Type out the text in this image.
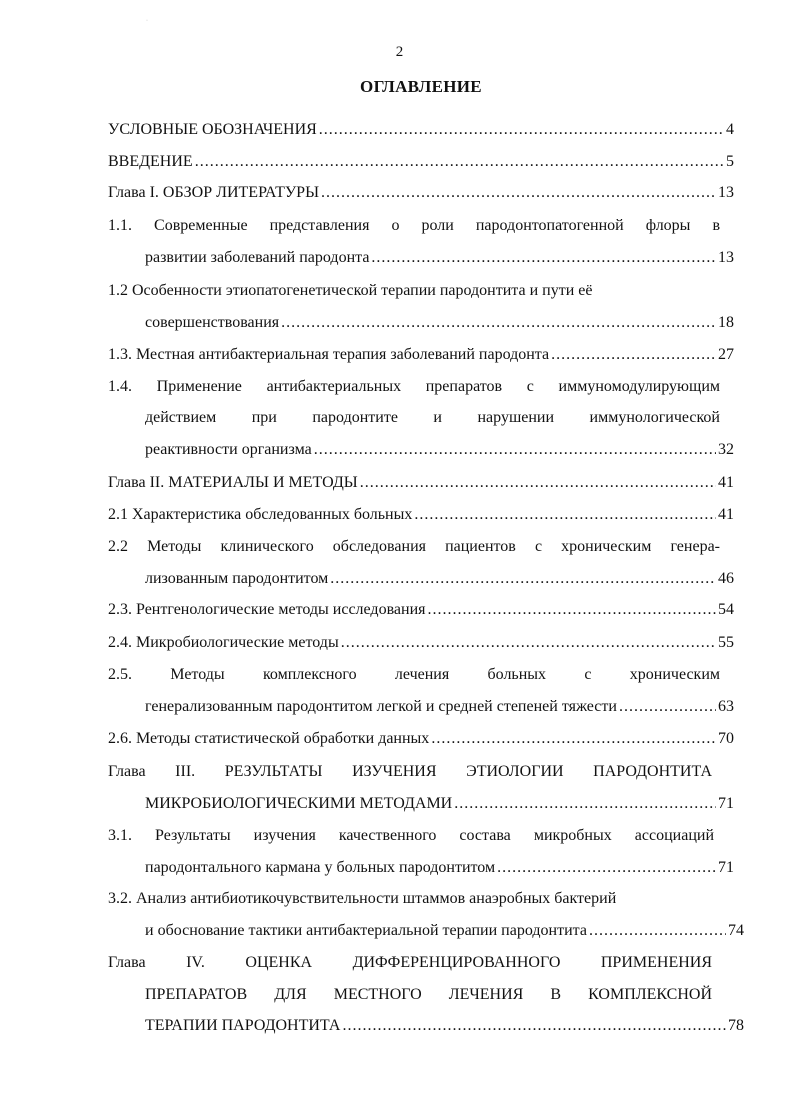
·
2
ОГЛАВЛЕНИЕ
УСЛОВНЫЕ ОБОЗНАЧЕНИЯ .....	4
ВВЕДЕНИЕ .....	5
Глава I. ОБЗОР ЛИТЕРАТУРЫ .....	13
1.1. Современные представления о роли пародонтопатогенной флоры в
развитии заболеваний пародонта .....	13
1.2 Особенности этиопатогенетической терапии пародонтита и пути её
совершенствования .....	18
1.3. Местная антибактериальная терапия заболеваний пародонта .....	27
1.4. Применение антибактериальных препаратов с иммуномодулирующим
действием при пародонтите и нарушении иммунологической
реактивности организма .....	32
Глава II. МАТЕРИАЛЫ И МЕТОДЫ .....	41
2.1 Характеристика обследованных больных .....	41
2.2 Методы клинического обследования пациентов с хроническим генера-
лизованным пародонтитом .....	46
2.3. Рентгенологические методы исследования .....	54
2.4. Микробиологические методы .....	55
2.5. Методы комплексного лечения больных с хроническим
генерализованным пародонтитом легкой и средней степеней тяжести .....	63
2.6. Методы статистической обработки данных .....	70
Глава III. РЕЗУЛЬТАТЫ ИЗУЧЕНИЯ ЭТИОЛОГИИ ПАРОДОНТИТА
МИКРОБИОЛОГИЧЕСКИМИ МЕТОДАМИ .....	71
3.1. Результаты изучения качественного состава микробных ассоциаций
пародонтального кармана у больных пародонтитом .....	71
3.2. Анализ антибиотикочувствительности штаммов анаэробных бактерий
и обоснование тактики антибактериальной терапии пародонтита .....	74
Глава IV. ОЦЕНКА ДИФФЕРЕНЦИРОВАННОГО ПРИМЕНЕНИЯ
ПРЕПАРАТОВ ДЛЯ МЕСТНОГО ЛЕЧЕНИЯ В КОМПЛЕКСНОЙ
ТЕРАПИИ ПАРОДОНТИТА .....	78
